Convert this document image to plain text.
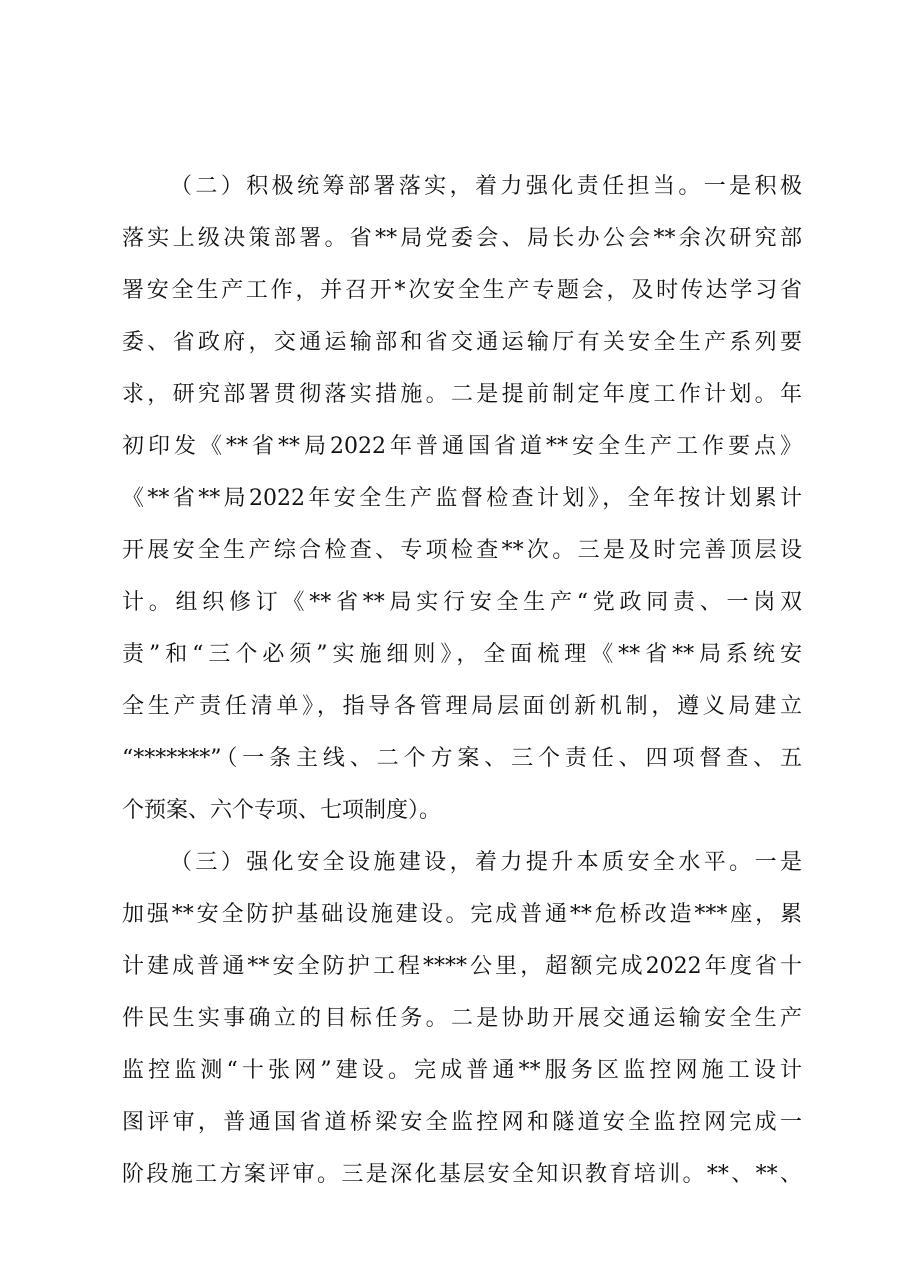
（二）积极统筹部署落实，着力强化责任担当。一是积极
落实上级决策部署。省**局党委会、局长办公会**余次研究部
署安全生产工作，并召开*次安全生产专题会，及时传达学习省
委、省政府，交通运输部和省交通运输厅有关安全生产系列要
求，研究部署贯彻落实措施。二是提前制定年度工作计划。年
初印发《**省**局2022年普通国省道**安全生产工作要点》
《**省**局2022年安全生产监督检查计划》，全年按计划累计
开展安全生产综合检查、专项检查**次。三是及时完善顶层设
计。组织修订《**省**局实行安全生产“党政同责、一岗双
责”和“三个必须”实施细则》，全面梳理《**省**局系统安
全生产责任清单》，指导各管理局层面创新机制，遵义局建立
“*******”（一条主线、二个方案、三个责任、四项督查、五
个预案、六个专项、七项制度）。
（三）强化安全设施建设，着力提升本质安全水平。一是
加强**安全防护基础设施建设。完成普通**危桥改造***座，累
计建成普通**安全防护工程****公里，超额完成2022年度省十
件民生实事确立的目标任务。二是协助开展交通运输安全生产
监控监测“十张网”建设。完成普通**服务区监控网施工设计
图评审，普通国省道桥梁安全监控网和隧道安全监控网完成一
阶段施工方案评审。三是深化基层安全知识教育培训。**、**、
